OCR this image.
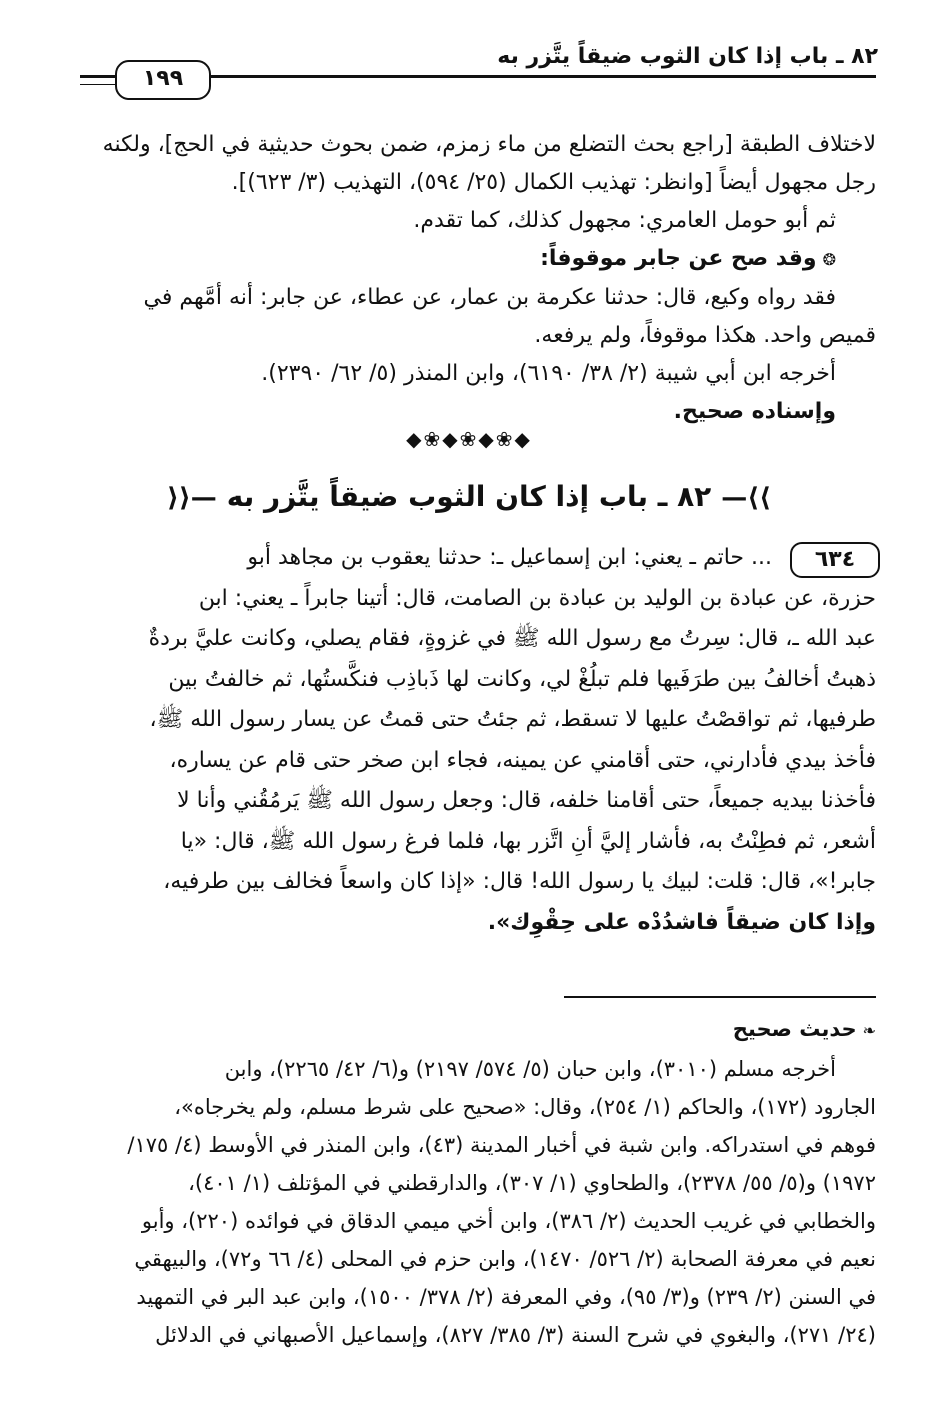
٨٢ ـ باب إذا كان الثوب ضيقاً يتَّزر به
١٩٩
لاختلاف الطبقة [راجع بحث التضلع من ماء زمزم، ضمن بحوث حديثية في الحج]، ولكنه
رجل مجهول أيضاً [وانظر: تهذيب الكمال (٢٥/ ٥٩٤)، التهذيب (٣/ ٦٢٣)].
ثم أبو حومل العامري: مجهول كذلك، كما تقدم.
❂وقد صح عن جابر موقوفاً:
فقد رواه وكيع، قال: حدثنا عكرمة بن عمار، عن عطاء، عن جابر: أنه أمَّهم في
قميص واحد. هكذا موقوفاً، ولم يرفعه.
أخرجه ابن أبي شيبة (٢/ ٣٨/ ٦١٩٠)، وابن المنذر (٥/ ٦٢/ ٢٣٩٠).
وإسناده صحيح.
◆❀◆❀◆❀◆
⟩⟩—٨٢ ـ باب إذا كان الثوب ضيقاً يتَّزر به—⟨⟨
٦٣٤
... حاتم ـ يعني: ابن إسماعيل ـ: حدثنا يعقوب بن مجاهد أبو
حزرة، عن عبادة بن الوليد بن عبادة بن الصامت، قال: أتينا جابراً ـ يعني: ابن
عبد الله ـ، قال: سِرتُ مع رسول الله ﷺ في غزوةٍ، فقام يصلي، وكانت عليَّ بردةٌ
ذهبتُ أخالفُ بين طرَفَيها فلم تبلُغْ لي، وكانت لها ذَباذِب فنكَّستُها، ثم خالفتُ بين
طرفيها، ثم تواقصْتُ عليها لا تسقط، ثم جئتُ حتى قمتُ عن يسار رسول الله ﷺ،
فأخذ بيدي فأدارني، حتى أقامني عن يمينه، فجاء ابن صخر حتى قام عن يساره،
فأخذنا بيديه جميعاً، حتى أقامنا خلفه، قال: وجعل رسول الله ﷺ يَرمُقُني وأنا لا
أشعر، ثم فطِنْتُ به، فأشار إليَّ أنِ اتَّزر بها، فلما فرغ رسول الله ﷺ، قال: «يا
جابر!»، قال: قلت: لبيك يا رسول الله! قال: «إذا كان واسعاً فخالف بين طرفيه،
وإذا كان ضيقاً فاشدُدْه على حِقْوِك».
❧حديث صحيح
أخرجه مسلم (٣٠١٠)، وابن حبان (٥/ ٥٧٤/ ٢١٩٧) و(٦/ ٤٢/ ٢٢٦٥)، وابن
الجارود (١٧٢)، والحاكم (١/ ٢٥٤)، وقال: «صحيح على شرط مسلم، ولم يخرجاه»،
فوهم في استدراكه. وابن شبة في أخبار المدينة (٤٣)، وابن المنذر في الأوسط (٤/ ١٧٥/
١٩٧٢) و(٥/ ٥٥/ ٢٣٧٨)، والطحاوي (١/ ٣٠٧)، والدارقطني في المؤتلف (١/ ٤٠١)،
والخطابي في غريب الحديث (٢/ ٣٨٦)، وابن أخي ميمي الدقاق في فوائده (٢٢٠)، وأبو
نعيم في معرفة الصحابة (٢/ ٥٢٦/ ١٤٧٠)، وابن حزم في المحلى (٤/ ٦٦ و٧٢)، والبيهقي
في السنن (٢/ ٢٣٩) و(٣/ ٩٥)، وفي المعرفة (٢/ ٣٧٨/ ١٥٠٠)، وابن عبد البر في التمهيد
(٢٤/ ٢٧١)، والبغوي في شرح السنة (٣/ ٣٨٥/ ٨٢٧)، وإسماعيل الأصبهاني في الدلائل
